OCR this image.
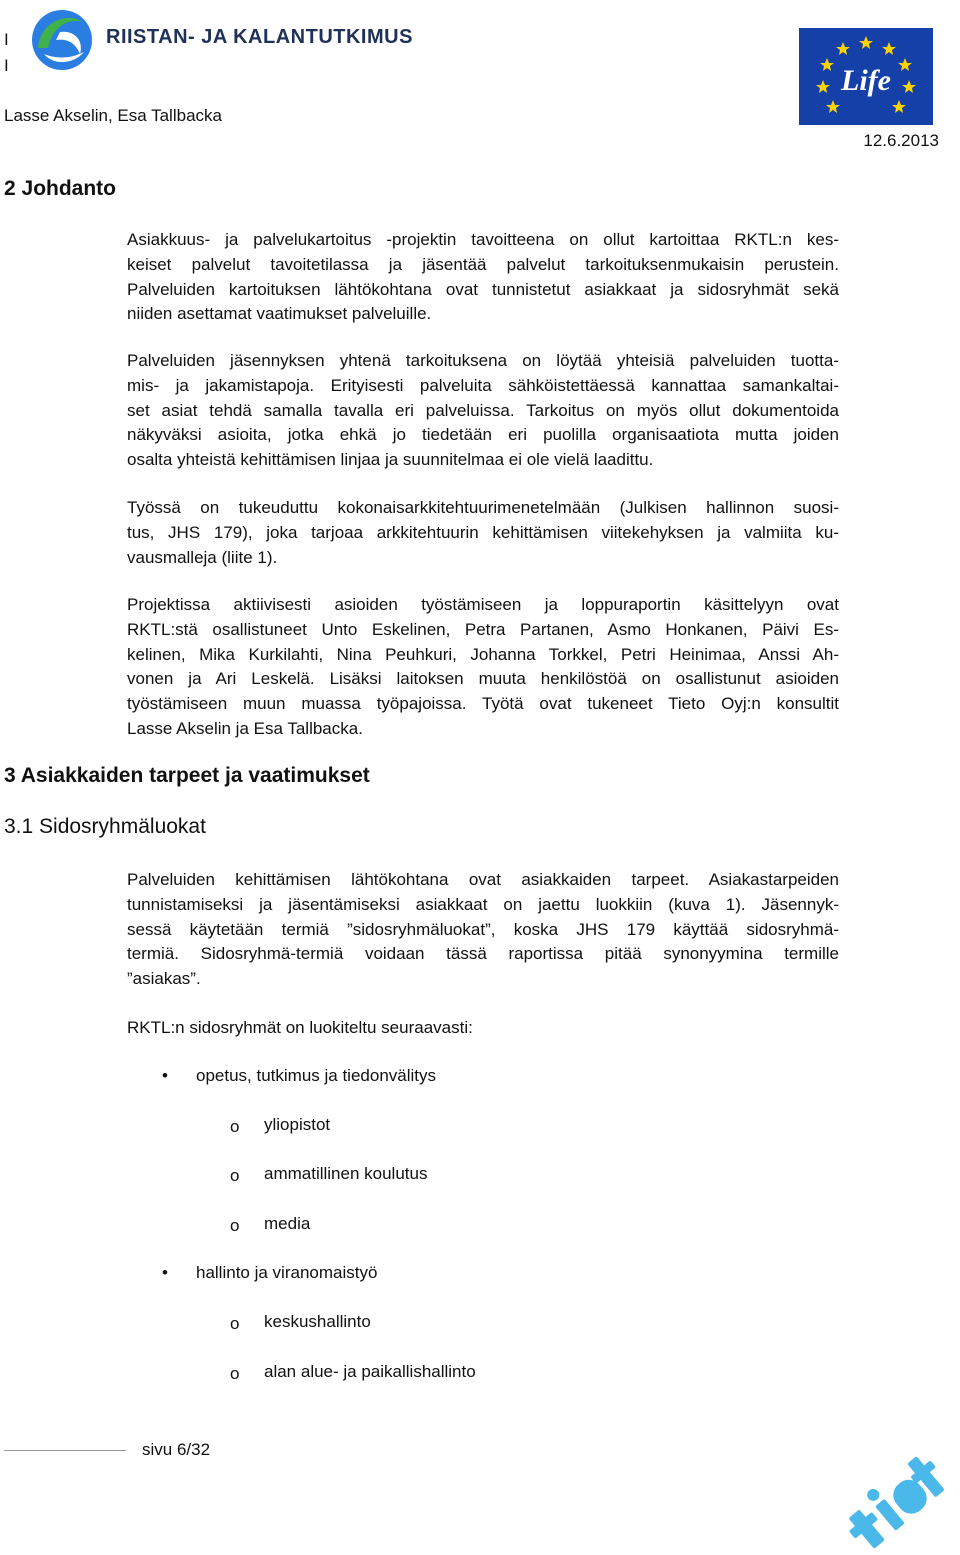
I
I
RIISTAN- JA KALANTUTKIMUS
Lasse Akselin, Esa Tallbacka
Life
12.6.2013
2 Johdanto
Asiakkuus- ja palvelukartoitus -projektin tavoitteena on ollut kartoittaa RKTL:n kes-
keiset palvelut tavoitetilassa ja jäsentää palvelut tarkoituksenmukaisin perustein.
Palveluiden kartoituksen lähtökohtana ovat tunnistetut asiakkaat ja sidosryhmät sekä
niiden asettamat vaatimukset palveluille.
Palveluiden jäsennyksen yhtenä tarkoituksena on löytää yhteisiä palveluiden tuotta-
mis- ja jakamistapoja. Erityisesti palveluita sähköistettäessä kannattaa samankaltai-
set asiat tehdä samalla tavalla eri palveluissa. Tarkoitus on myös ollut dokumentoida
näkyväksi asioita, jotka ehkä jo tiedetään eri puolilla organisaatiota mutta joiden
osalta yhteistä kehittämisen linjaa ja suunnitelmaa ei ole vielä laadittu.
Työssä on tukeuduttu kokonaisarkkitehtuurimenetelmään (Julkisen hallinnon suosi-
tus, JHS 179), joka tarjoaa arkkitehtuurin kehittämisen viitekehyksen ja valmiita ku-
vausmalleja (liite 1).
Projektissa aktiivisesti asioiden työstämiseen ja loppuraportin käsittelyyn ovat
RKTL:stä osallistuneet Unto Eskelinen, Petra Partanen, Asmo Honkanen, Päivi Es-
kelinen, Mika Kurkilahti, Nina Peuhkuri, Johanna Torkkel, Petri Heinimaa, Anssi Ah-
vonen ja Ari Leskelä. Lisäksi laitoksen muuta henkilöstöä on osallistunut asioiden
työstämiseen muun muassa työpajoissa. Työtä ovat tukeneet Tieto Oyj:n konsultit
Lasse Akselin ja Esa Tallbacka.
3 Asiakkaiden tarpeet ja vaatimukset
3.1 Sidosryhmäluokat
Palveluiden kehittämisen lähtökohtana ovat asiakkaiden tarpeet. Asiakastarpeiden
tunnistamiseksi ja jäsentämiseksi asiakkaat on jaettu luokkiin (kuva 1). Jäsennyk-
sessä käytetään termiä ”sidosryhmäluokat”, koska JHS 179 käyttää sidosryhmä-
termiä. Sidosryhmä-termiä voidaan tässä raportissa pitää synonyymina termille
”asiakas”.
RKTL:n sidosryhmät on luokiteltu seuraavasti:
• opetus, tutkimus ja tiedonvälitys
o yliopistot
o ammatillinen koulutus
o media
• hallinto ja viranomaistyö
o keskushallinto
o alan alue- ja paikallishallinto
sivu 6/32
